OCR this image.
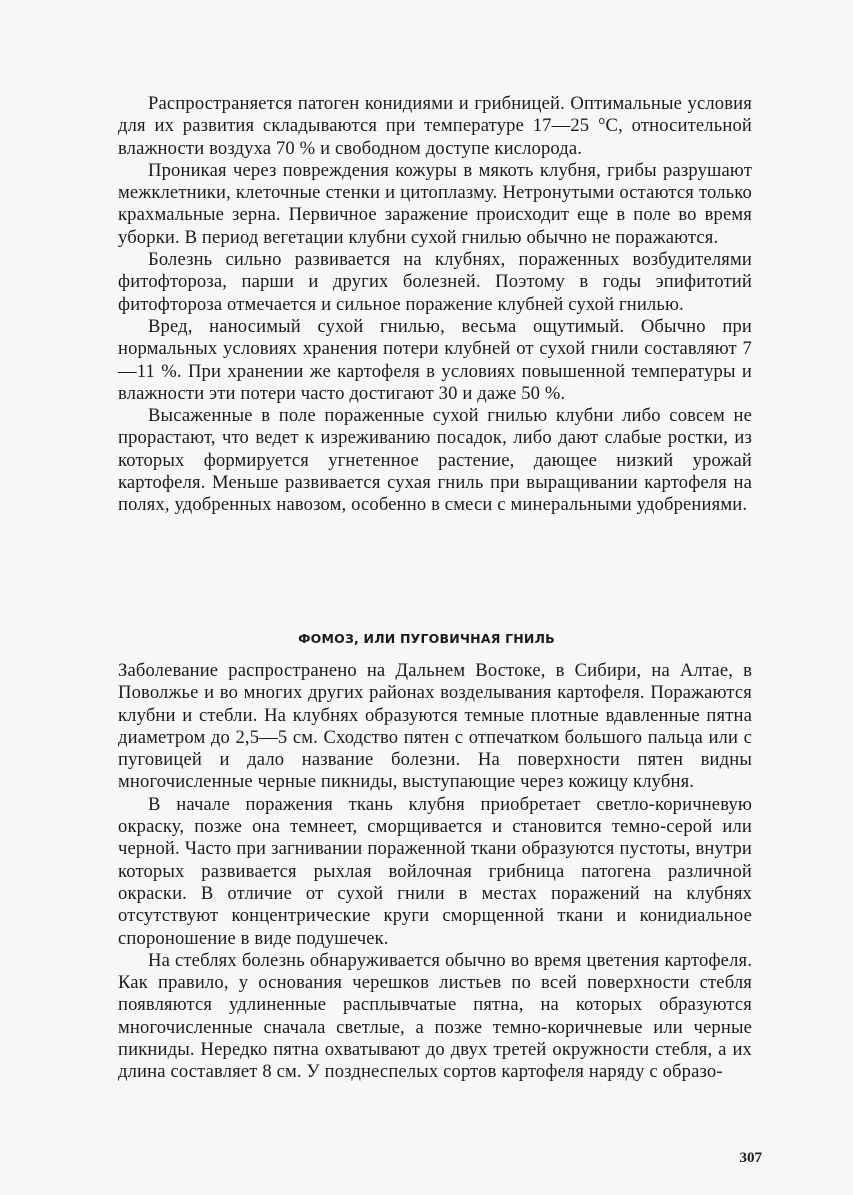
Распространяется патоген конидиями и грибницей. Оптимальные условия для их развития складываются при температуре 17—25 °С, относительной влажности воздуха 70 % и свободном доступе кислорода.

Проникая через повреждения кожуры в мякоть клубня, грибы разрушают межклетники, клеточные стенки и цитоплазму. Нетронутыми остаются только крахмальные зерна. Первичное заражение происходит еще в поле во время уборки. В период вегетации клубни сухой гнилью обычно не поражаются.

Болезнь сильно развивается на клубнях, пораженных возбудителями фитофтороза, парши и других болезней. Поэтому в годы эпифитотий фитофтороза отмечается и сильное поражение клубней сухой гнилью.

Вред, наносимый сухой гнилью, весьма ощутимый. Обычно при нормальных условиях хранения потери клубней от сухой гнили составляют 7—11 %. При хранении же картофеля в условиях повышенной температуры и влажности эти потери часто достигают 30 и даже 50 %.

Высаженные в поле пораженные сухой гнилью клубни либо совсем не прорастают, что ведет к изреживанию посадок, либо дают слабые ростки, из которых формируется угнетенное растение, дающее низкий урожай картофеля. Меньше развивается сухая гниль при выращивании картофеля на полях, удобренных навозом, особенно в смеси с минеральными удобрениями.

ФОМОЗ, ИЛИ ПУГОВИЧНАЯ ГНИЛЬ

Заболевание распространено на Дальнем Востоке, в Сибири, на Алтае, в Поволжье и во многих других районах возделывания картофеля. Поражаются клубни и стебли. На клубнях образуются темные плотные вдавленные пятна диаметром до 2,5—5 см. Сходство пятен с отпечатком большого пальца или с пуговицей и дало название болезни. На поверхности пятен видны многочисленные черные пикниды, выступающие через кожицу клубня.

В начале поражения ткань клубня приобретает светло-коричневую окраску, позже она темнеет, сморщивается и становится темно-серой или черной. Часто при загнивании пораженной ткани образуются пустоты, внутри которых развивается рыхлая войлочная грибница патогена различной окраски. В отличие от сухой гнили в местах поражений на клубнях отсутствуют концентрические круги сморщенной ткани и конидиальное спороношение в виде подушечек.

На стеблях болезнь обнаруживается обычно во время цветения картофеля. Как правило, у основания черешков листьев по всей поверхности стебля появляются удлиненные расплывчатые пятна, на которых образуются многочисленные сначала светлые, а позже темно-коричневые или черные пикниды. Нередко пятна охватывают до двух третей окружности стебля, а их длина составляет 8 см. У позднеспелых сортов картофеля наряду с образо-

307
